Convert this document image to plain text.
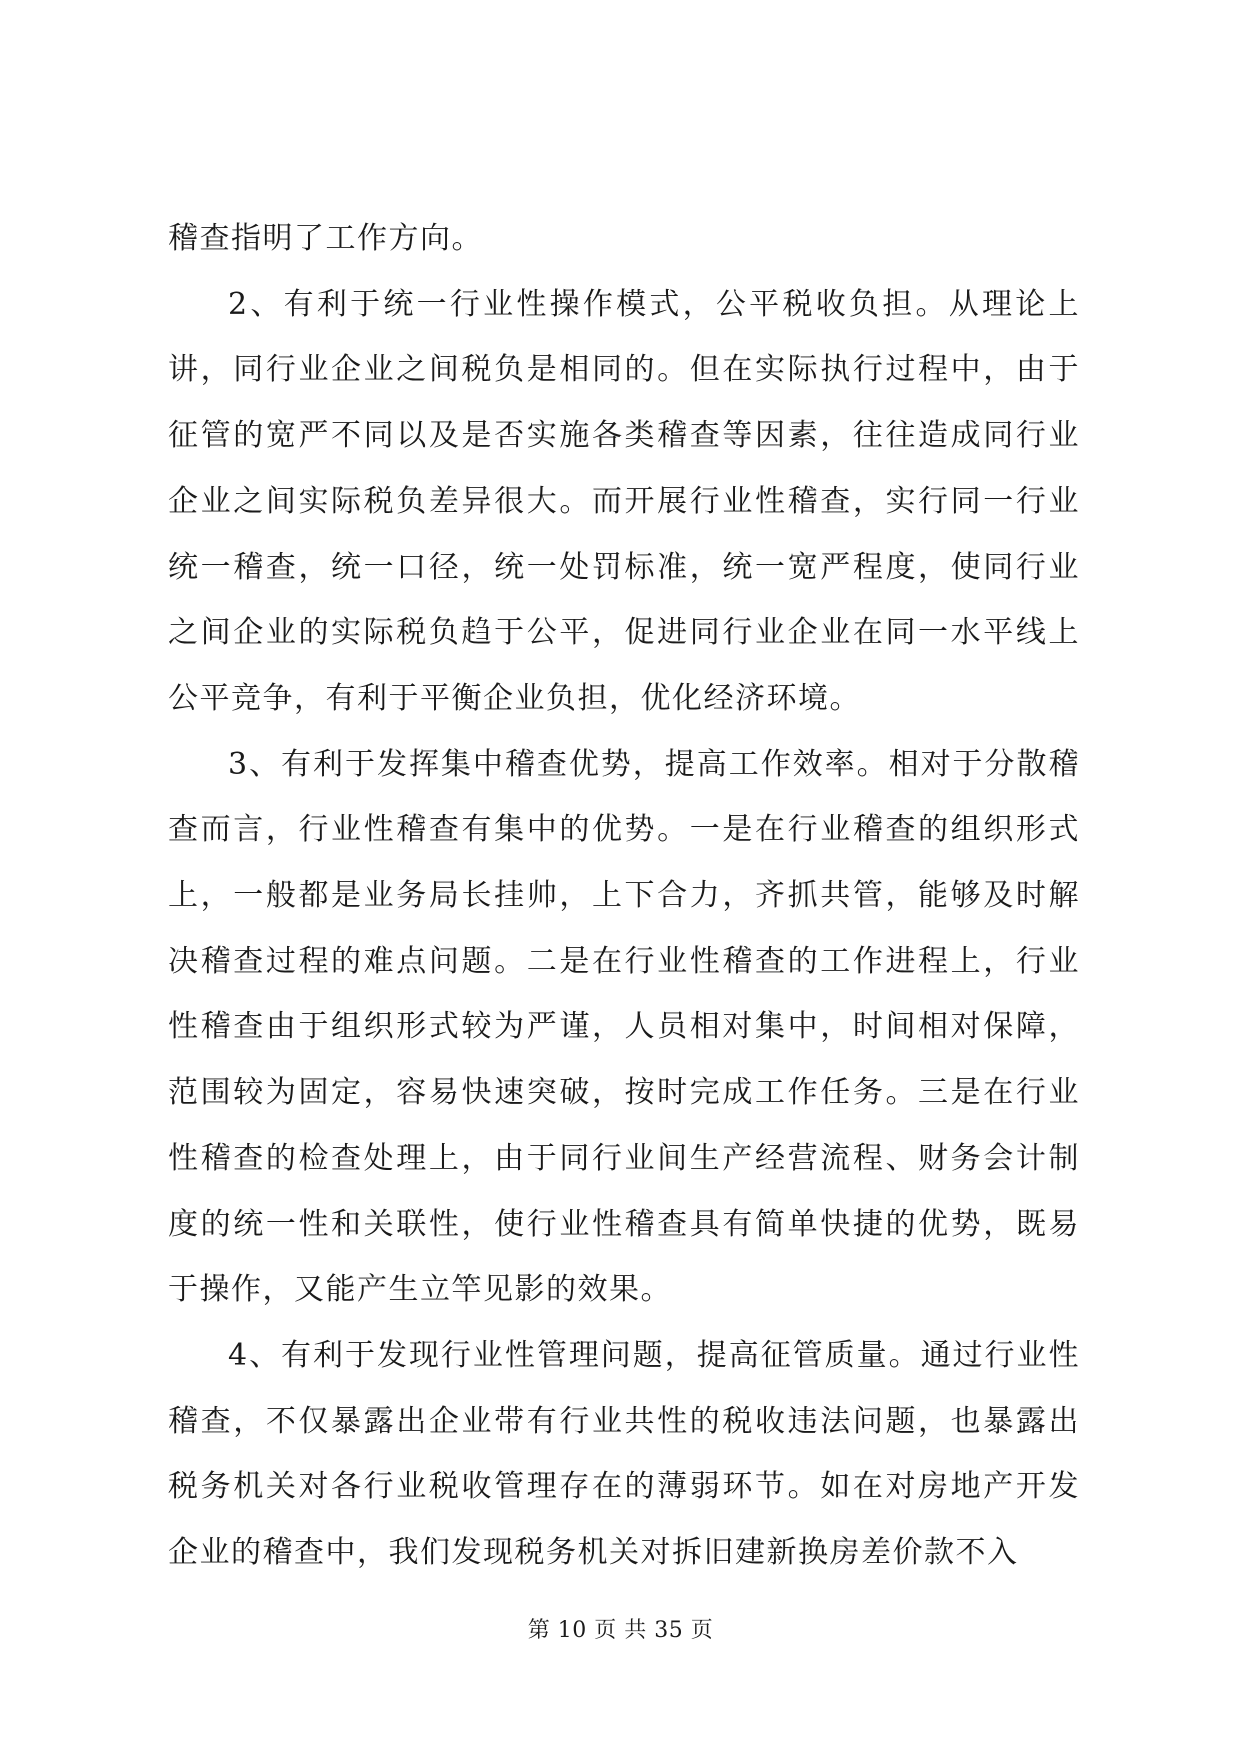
稽查指明了工作方向。

2、有利于统一行业性操作模式，公平税收负担。从理论上讲，同行业企业之间税负是相同的。但在实际执行过程中，由于征管的宽严不同以及是否实施各类稽查等因素，往往造成同行业企业之间实际税负差异很大。而开展行业性稽查，实行同一行业统一稽查，统一口径，统一处罚标准，统一宽严程度，使同行业之间企业的实际税负趋于公平，促进同行业企业在同一水平线上公平竞争，有利于平衡企业负担，优化经济环境。

3、有利于发挥集中稽查优势，提高工作效率。相对于分散稽查而言，行业性稽查有集中的优势。一是在行业稽查的组织形式上，一般都是业务局长挂帅，上下合力，齐抓共管，能够及时解决稽查过程的难点问题。二是在行业性稽查的工作进程上，行业性稽查由于组织形式较为严谨，人员相对集中，时间相对保障，范围较为固定，容易快速突破，按时完成工作任务。三是在行业性稽查的检查处理上，由于同行业间生产经营流程、财务会计制度的统一性和关联性，使行业性稽查具有简单快捷的优势，既易于操作，又能产生立竿见影的效果。

4、有利于发现行业性管理问题，提高征管质量。通过行业性稽查，不仅暴露出企业带有行业共性的税收违法问题，也暴露出税务机关对各行业税收管理存在的薄弱环节。如在对房地产开发企业的稽查中，我们发现税务机关对拆旧建新换房差价款不入

第 10 页 共 35 页
